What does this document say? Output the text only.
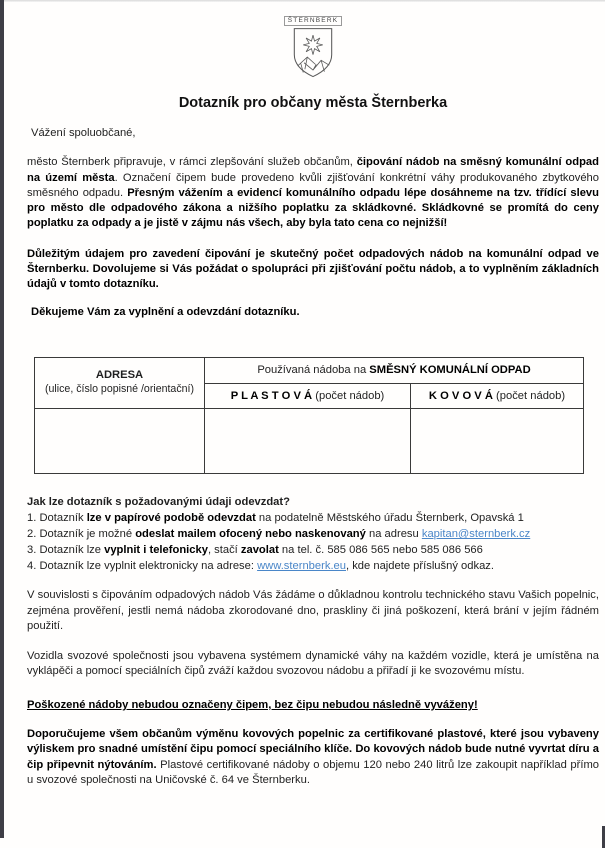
ŠTERNBERK
Dotazník pro občany města Šternberka

Vážení spoluobčané,

město Šternberk připravuje, v rámci zlepšování služeb občanům, čipování nádob na směsný komunální odpad na území města. Označení čipem bude provedeno kvůli zjišťování konkrétní váhy produkovaného zbytkového směsného odpadu. Přesným vážením a evidencí komunálního odpadu lépe dosáhneme na tzv. třídící slevu pro město dle odpadového zákona a nižšího poplatku za skládkovné. Skládkovné se promítá do ceny poplatku za odpady a je jistě v zájmu nás všech, aby byla tato cena co nejnižší!

Důležitým údajem pro zavedení čipování je skutečný počet odpadových nádob na komunální odpad ve Šternberku. Dovolujeme si Vás požádat o spolupráci při zjišťování počtu nádob, a to vyplněním základních údajů v tomto dotazníku.

Děkujeme Vám za vyplnění a odevzdání dotazníku.

ADRESA
(ulice, číslo popisné /orientační)	Používaná nádoba na SMĚSNÝ KOMUNÁLNÍ ODPAD	
	P L A S T O V Á (počet nádob)	K O V O V Á (počet nádob)

Jak lze dotazník s požadovanými údaji odevzdat?

1. Dotazník lze v papírové podobě odevzdat na podatelně Městského úřadu Šternberk, Opavská 1

2. Dotazník je možné odeslat mailem ofocený nebo naskenovaný na adresu kapitan@sternberk.cz

3. Dotazník lze vyplnit i telefonicky, stačí zavolat na tel. č. 585 086 565 nebo 585 086 566

4. Dotazník lze vyplnit elektronicky na adrese: www.sternberk.eu, kde najdete příslušný odkaz.

V souvislosti s čipováním odpadových nádob Vás žádáme o důkladnou kontrolu technického stavu Vašich popelnic, zejména prověření, jestli nemá nádoba zkorodované dno, praskliny či jiná poškození, která brání v jejím řádném použití.

Vozidla svozové společnosti jsou vybavena systémem dynamické váhy na každém vozidle, která je umístěna na vyklápěči a pomocí speciálních čipů zváží každou svozovou nádobu a přiřadí ji ke svozovému místu.

Poškozené nádoby nebudou označeny čipem, bez čipu nebudou následně vyváženy!

Doporučujeme všem občanům výměnu kovových popelnic za certifikované plastové, které jsou vybaveny výliskem pro snadné umístění čipu pomocí speciálního klíče. Do kovových nádob bude nutné vyvrtat díru a čip připevnit nýtováním. Plastové certifikované nádoby o objemu 120 nebo 240 litrů lze zakoupit například přímo u svozové společnosti na Uničovské č. 64 ve Šternberku.
